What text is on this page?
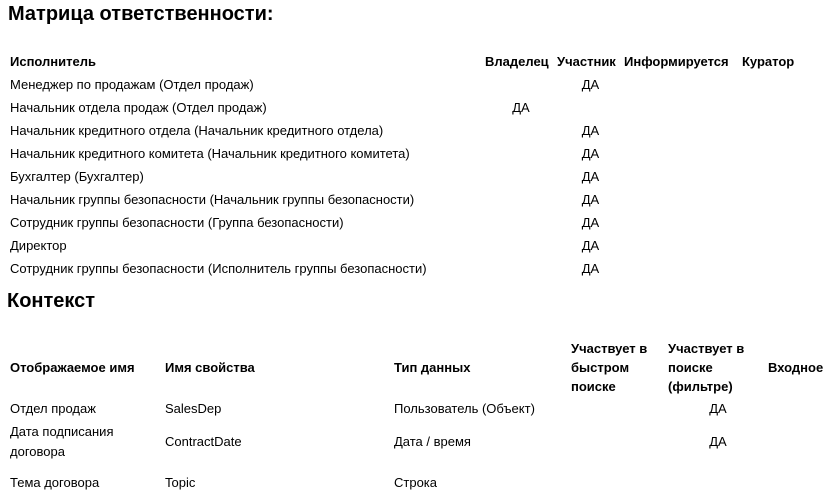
Матрица ответственности:
Исполнитель	Владелец	Участник	Информируется	Куратор
Менеджер по продажам (Отдел продаж)		ДА		
Начальник отдела продаж (Отдел продаж)	ДА			
Начальник кредитного отдела (Начальник кредитного отдела)		ДА		
Начальник кредитного комитета (Начальник кредитного комитета)		ДА		
Бухгалтер (Бухгалтер)		ДА		
Начальник группы безопасности (Начальник группы безопасности)		ДА		
Сотрудник группы безопасности (Группа безопасности)		ДА		
Директор		ДА		
Сотрудник группы безопасности (Исполнитель группы безопасности)		ДА		
Контекст
Отображаемое имя	Имя свойства	Тип данных	Участвует в быстром поиске	Участвует в поиске (фильтре)	Входное
Отдел продаж	SalesDep	Пользователь (Объект)		ДА	
Дата подписания договора	ContractDate	Дата / время		ДА	
Тема договора	Topic	Строка			
